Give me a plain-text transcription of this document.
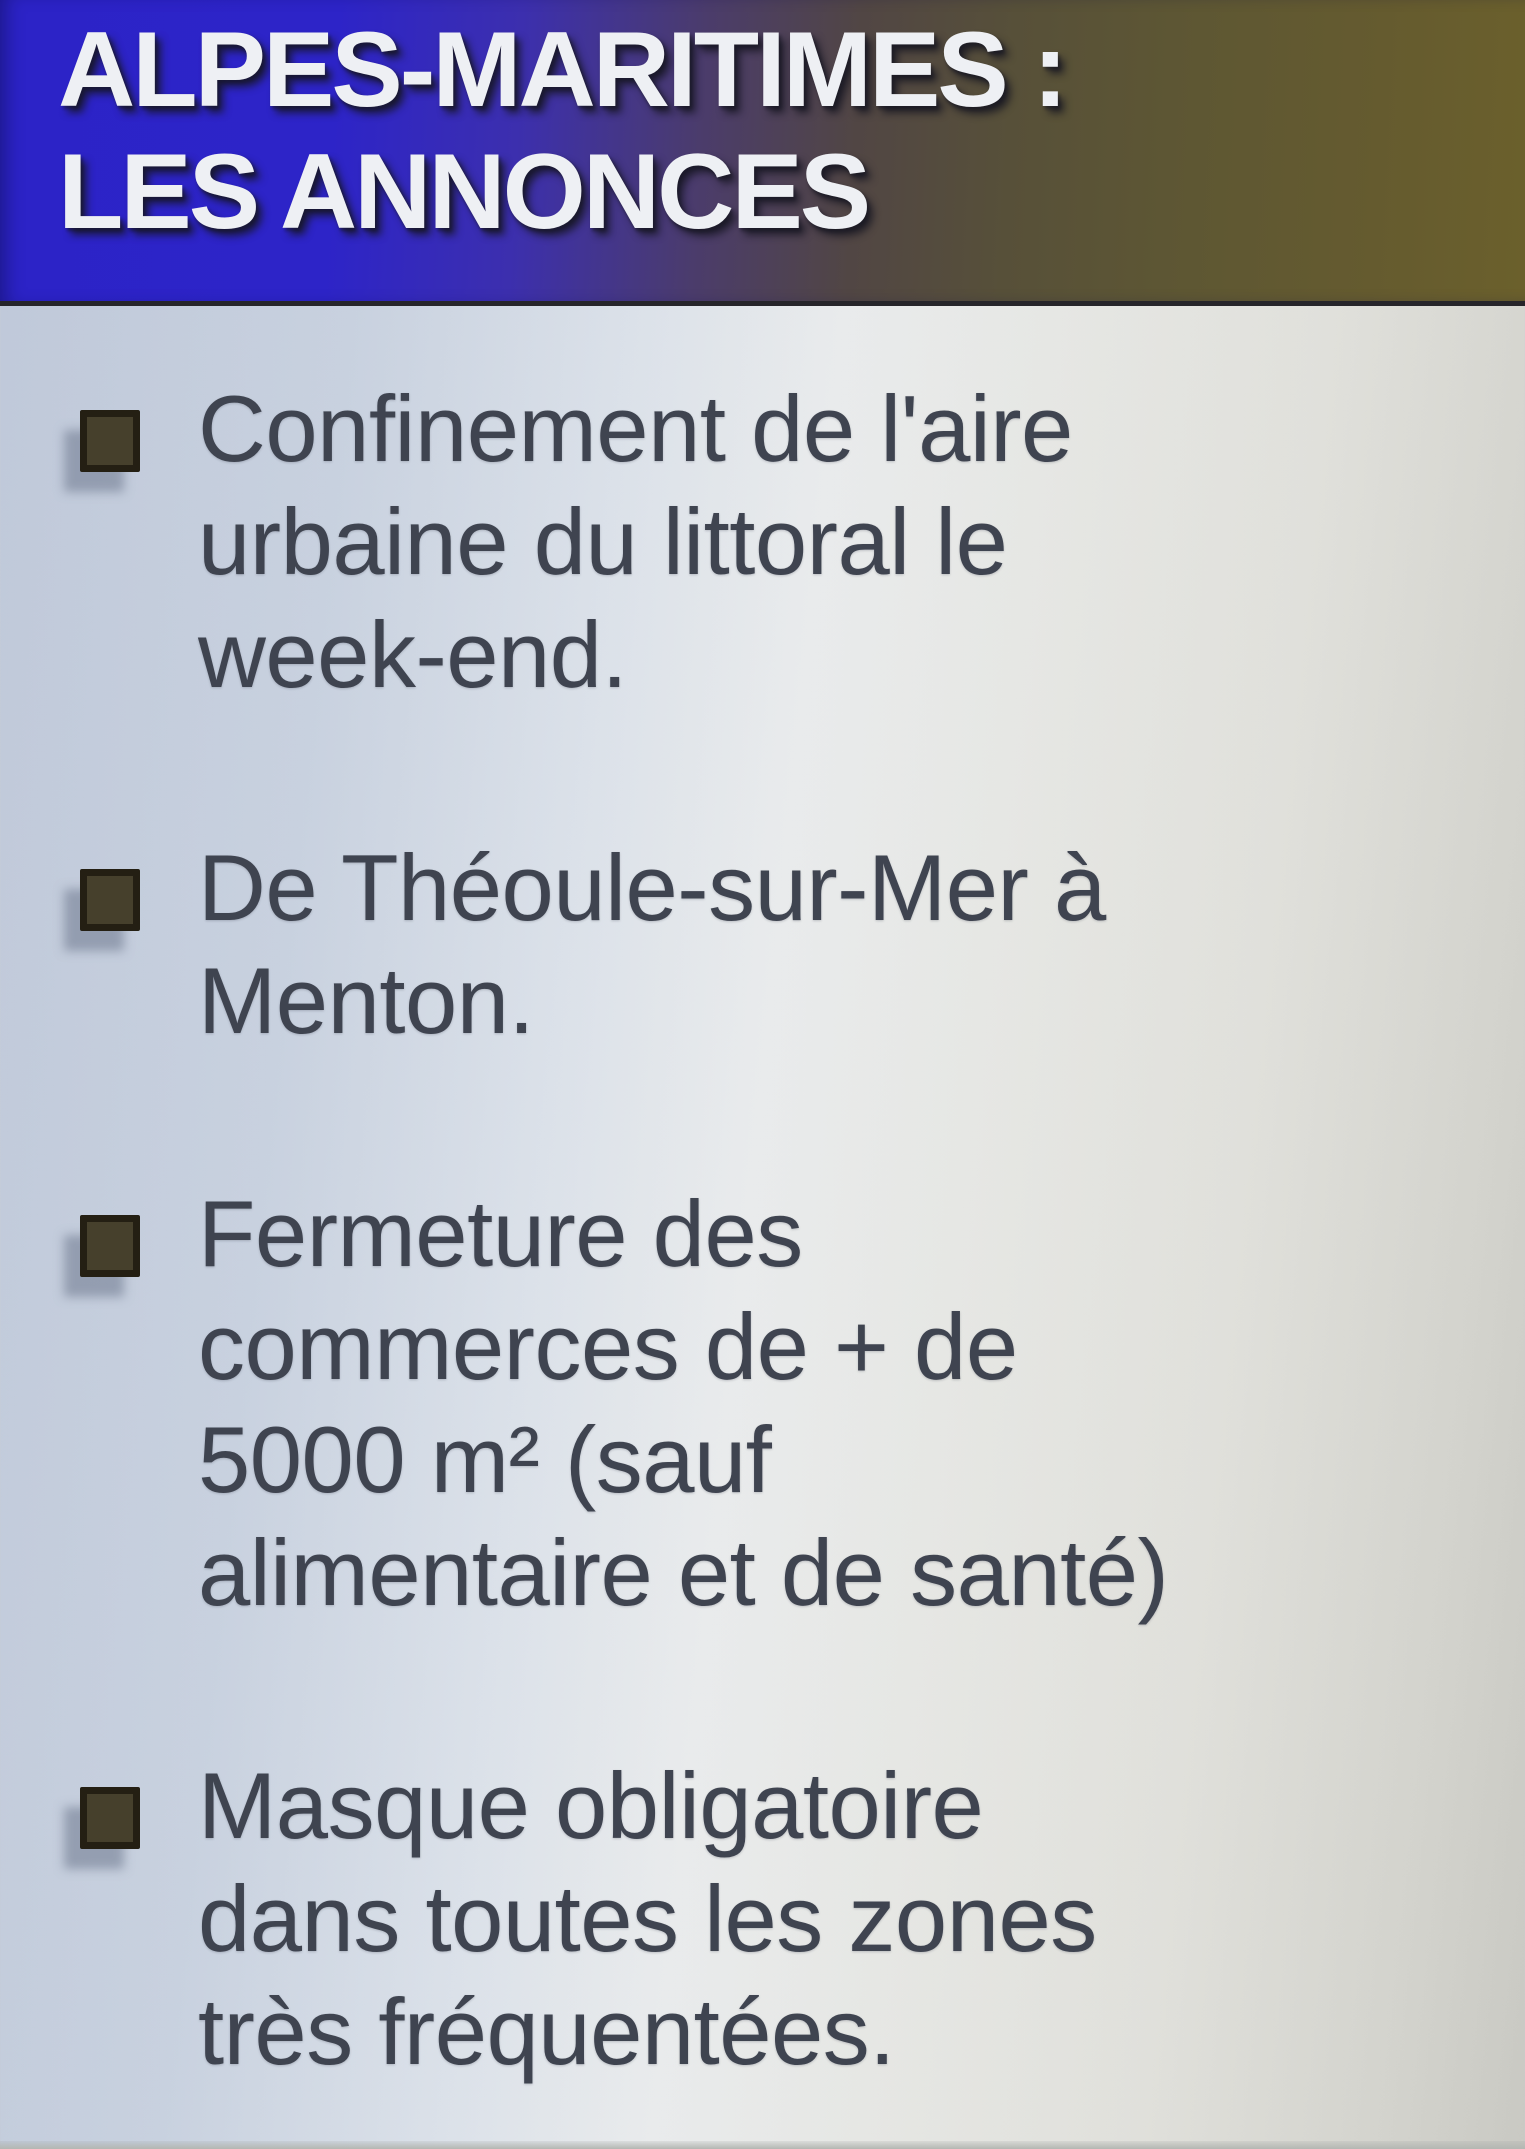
ALPES-MARITIMES :
LES ANNONCES
Confinement de l'aire
urbaine du littoral le
week-end.
De Théoule-sur-Mer à
Menton.
Fermeture des
commerces de + de
5000 m² (sauf
alimentaire et de santé)
Masque obligatoire
dans toutes les zones
très fréquentées.
